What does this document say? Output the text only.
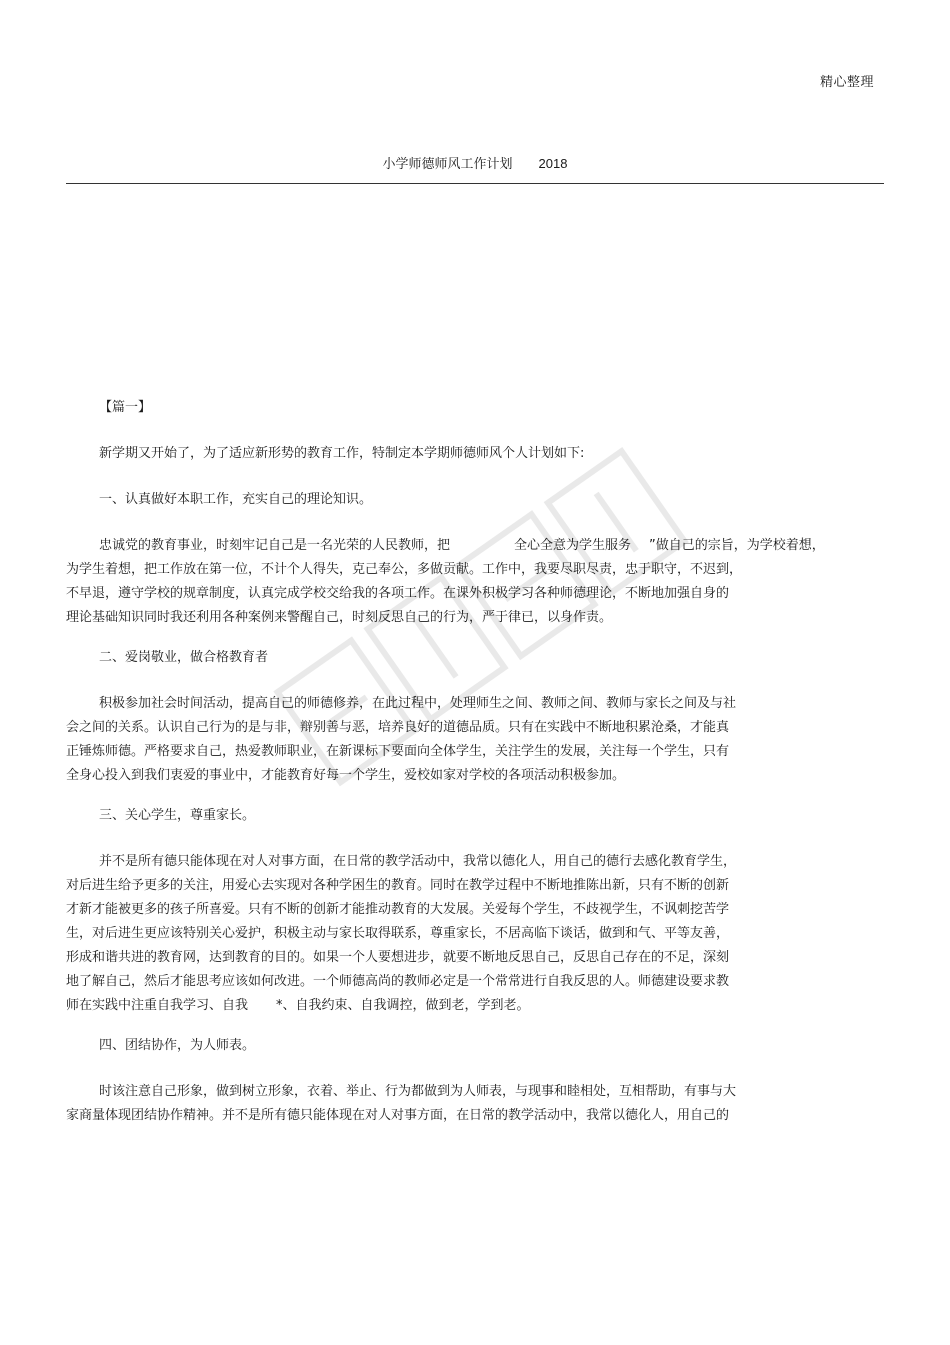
精心整理
小学师德师风工作计划 2018
【篇一】
新学期又开始了，为了适应新形势的教育工作，特制定本学期师德师风个人计划如下:
一、认真做好本职工作，充实自己的理论知识。
忠诚党的教育事业，时刻牢记自己是一名光荣的人民教师，把	全心全意为学生服务 ”做自己的宗旨，为学校着想，
为学生着想，把工作放在第一位，不计个人得失，克己奉公，多做贡献。工作中，我要尽职尽责，忠于职守，不迟到，
不早退，遵守学校的规章制度，认真完成学校交给我的各项工作。在课外积极学习各种师德理论，不断地加强自身的
理论基础知识同时我还利用各种案例来警醒自己，时刻反思自己的行为，严于律已，以身作责。
二、爱岗敬业，做合格教育者
积极参加社会时间活动，提高自己的师德修养，在此过程中，处理师生之间、教师之间、教师与家长之间及与社
会之间的关系。认识自己行为的是与非，辩别善与恶，培养良好的道德品质。只有在实践中不断地积累沧桑，才能真
正锤炼师德。严格要求自己，热爱教师职业，在新课标下要面向全体学生，关注学生的发展，关注每一个学生，只有
全身心投入到我们衷爱的事业中，才能教育好每一个学生，爱校如家对学校的各项活动积极参加。
三、关心学生，尊重家长。
并不是所有德只能体现在对人对事方面，在日常的教学活动中，我常以德化人，用自己的德行去感化教育学生，
对后进生给予更多的关注，用爱心去实现对各种学困生的教育。同时在教学过程中不断地推陈出新，只有不断的创新
才新才能被更多的孩子所喜爱。只有不断的创新才能推动教育的大发展。关爱每个学生，不歧视学生，不讽刺挖苦学
生，对后进生更应该特别关心爱护，积极主动与家长取得联系，尊重家长，不居高临下谈话，做到和气、平等友善，
形成和谐共进的教育网，达到教育的目的。如果一个人要想进步，就要不断地反思自己，反思自己存在的不足，深刻
地了解自己，然后才能思考应该如何改进。一个师德高尚的教师必定是一个常常进行自我反思的人。师德建设要求教
师在实践中注重自我学习、自我 *、自我约束、自我调控，做到老，学到老。
四、团结协作，为人师表。
时该注意自己形象，做到树立形象，衣着、举止、行为都做到为人师表，与现事和睦相处，互相帮助，有事与大
家商量体现团结协作精神。并不是所有德只能体现在对人对事方面，在日常的教学活动中，我常以德化人，用自己的
